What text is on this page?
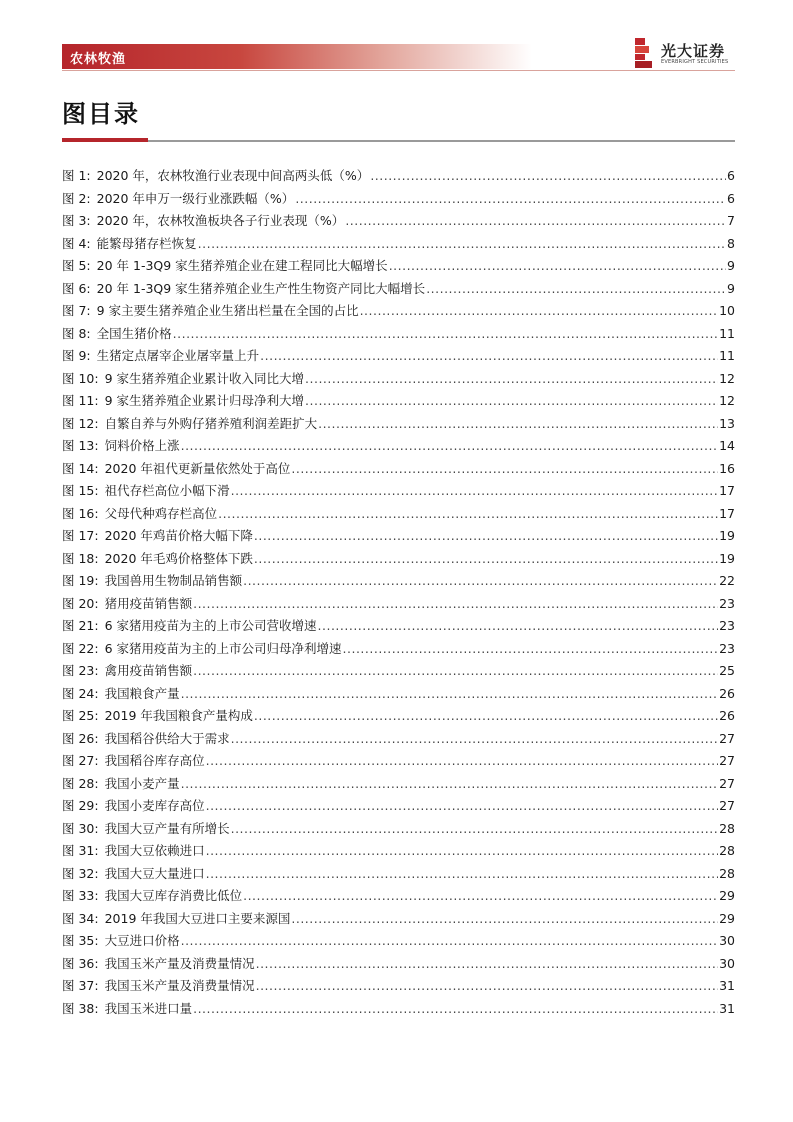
农林牧渔	光大证券
EVERBRIGHT SECURITIES
图目录
图 1: 2020 年，农林牧渔行业表现中间高两头低（%） .....	6
图 2: 2020 年申万一级行业涨跌幅（%） .....	6
图 3: 2020 年，农林牧渔板块各子行业表现（%） .....	7
图 4: 能繁母猪存栏恢复 .....	8
图 5: 20 年 1-3Q9 家生猪养殖企业在建工程同比大幅增长 .....	9
图 6: 20 年 1-3Q9 家生猪养殖企业生产性生物资产同比大幅增长 .....	9
图 7: 9 家主要生猪养殖企业生猪出栏量在全国的占比 .....	10
图 8: 全国生猪价格 .....	11
图 9: 生猪定点屠宰企业屠宰量上升 .....	11
图 10: 9 家生猪养殖企业累计收入同比大增 .....	12
图 11: 9 家生猪养殖企业累计归母净利大增 .....	12
图 12: 自繁自养与外购仔猪养殖利润差距扩大 .....	13
图 13: 饲料价格上涨 .....	14
图 14: 2020 年祖代更新量依然处于高位 .....	16
图 15: 祖代存栏高位小幅下滑 .....	17
图 16: 父母代种鸡存栏高位 .....	17
图 17: 2020 年鸡苗价格大幅下降 .....	19
图 18: 2020 年毛鸡价格整体下跌 .....	19
图 19: 我国兽用生物制品销售额 .....	22
图 20: 猪用疫苗销售额 .....	23
图 21: 6 家猪用疫苗为主的上市公司营收增速 .....	23
图 22: 6 家猪用疫苗为主的上市公司归母净利增速 .....	23
图 23: 禽用疫苗销售额 .....	25
图 24: 我国粮食产量 .....	26
图 25: 2019 年我国粮食产量构成 .....	26
图 26: 我国稻谷供给大于需求 .....	27
图 27: 我国稻谷库存高位 .....	27
图 28: 我国小麦产量 .....	27
图 29: 我国小麦库存高位 .....	27
图 30: 我国大豆产量有所增长 .....	28
图 31: 我国大豆依赖进口 .....	28
图 32: 我国大豆大量进口 .....	28
图 33: 我国大豆库存消费比低位 .....	29
图 34: 2019 年我国大豆进口主要来源国 .....	29
图 35: 大豆进口价格 .....	30
图 36: 我国玉米产量及消费量情况 .....	30
图 37: 我国玉米产量及消费量情况 .....	31
图 38: 我国玉米进口量 .....	31
